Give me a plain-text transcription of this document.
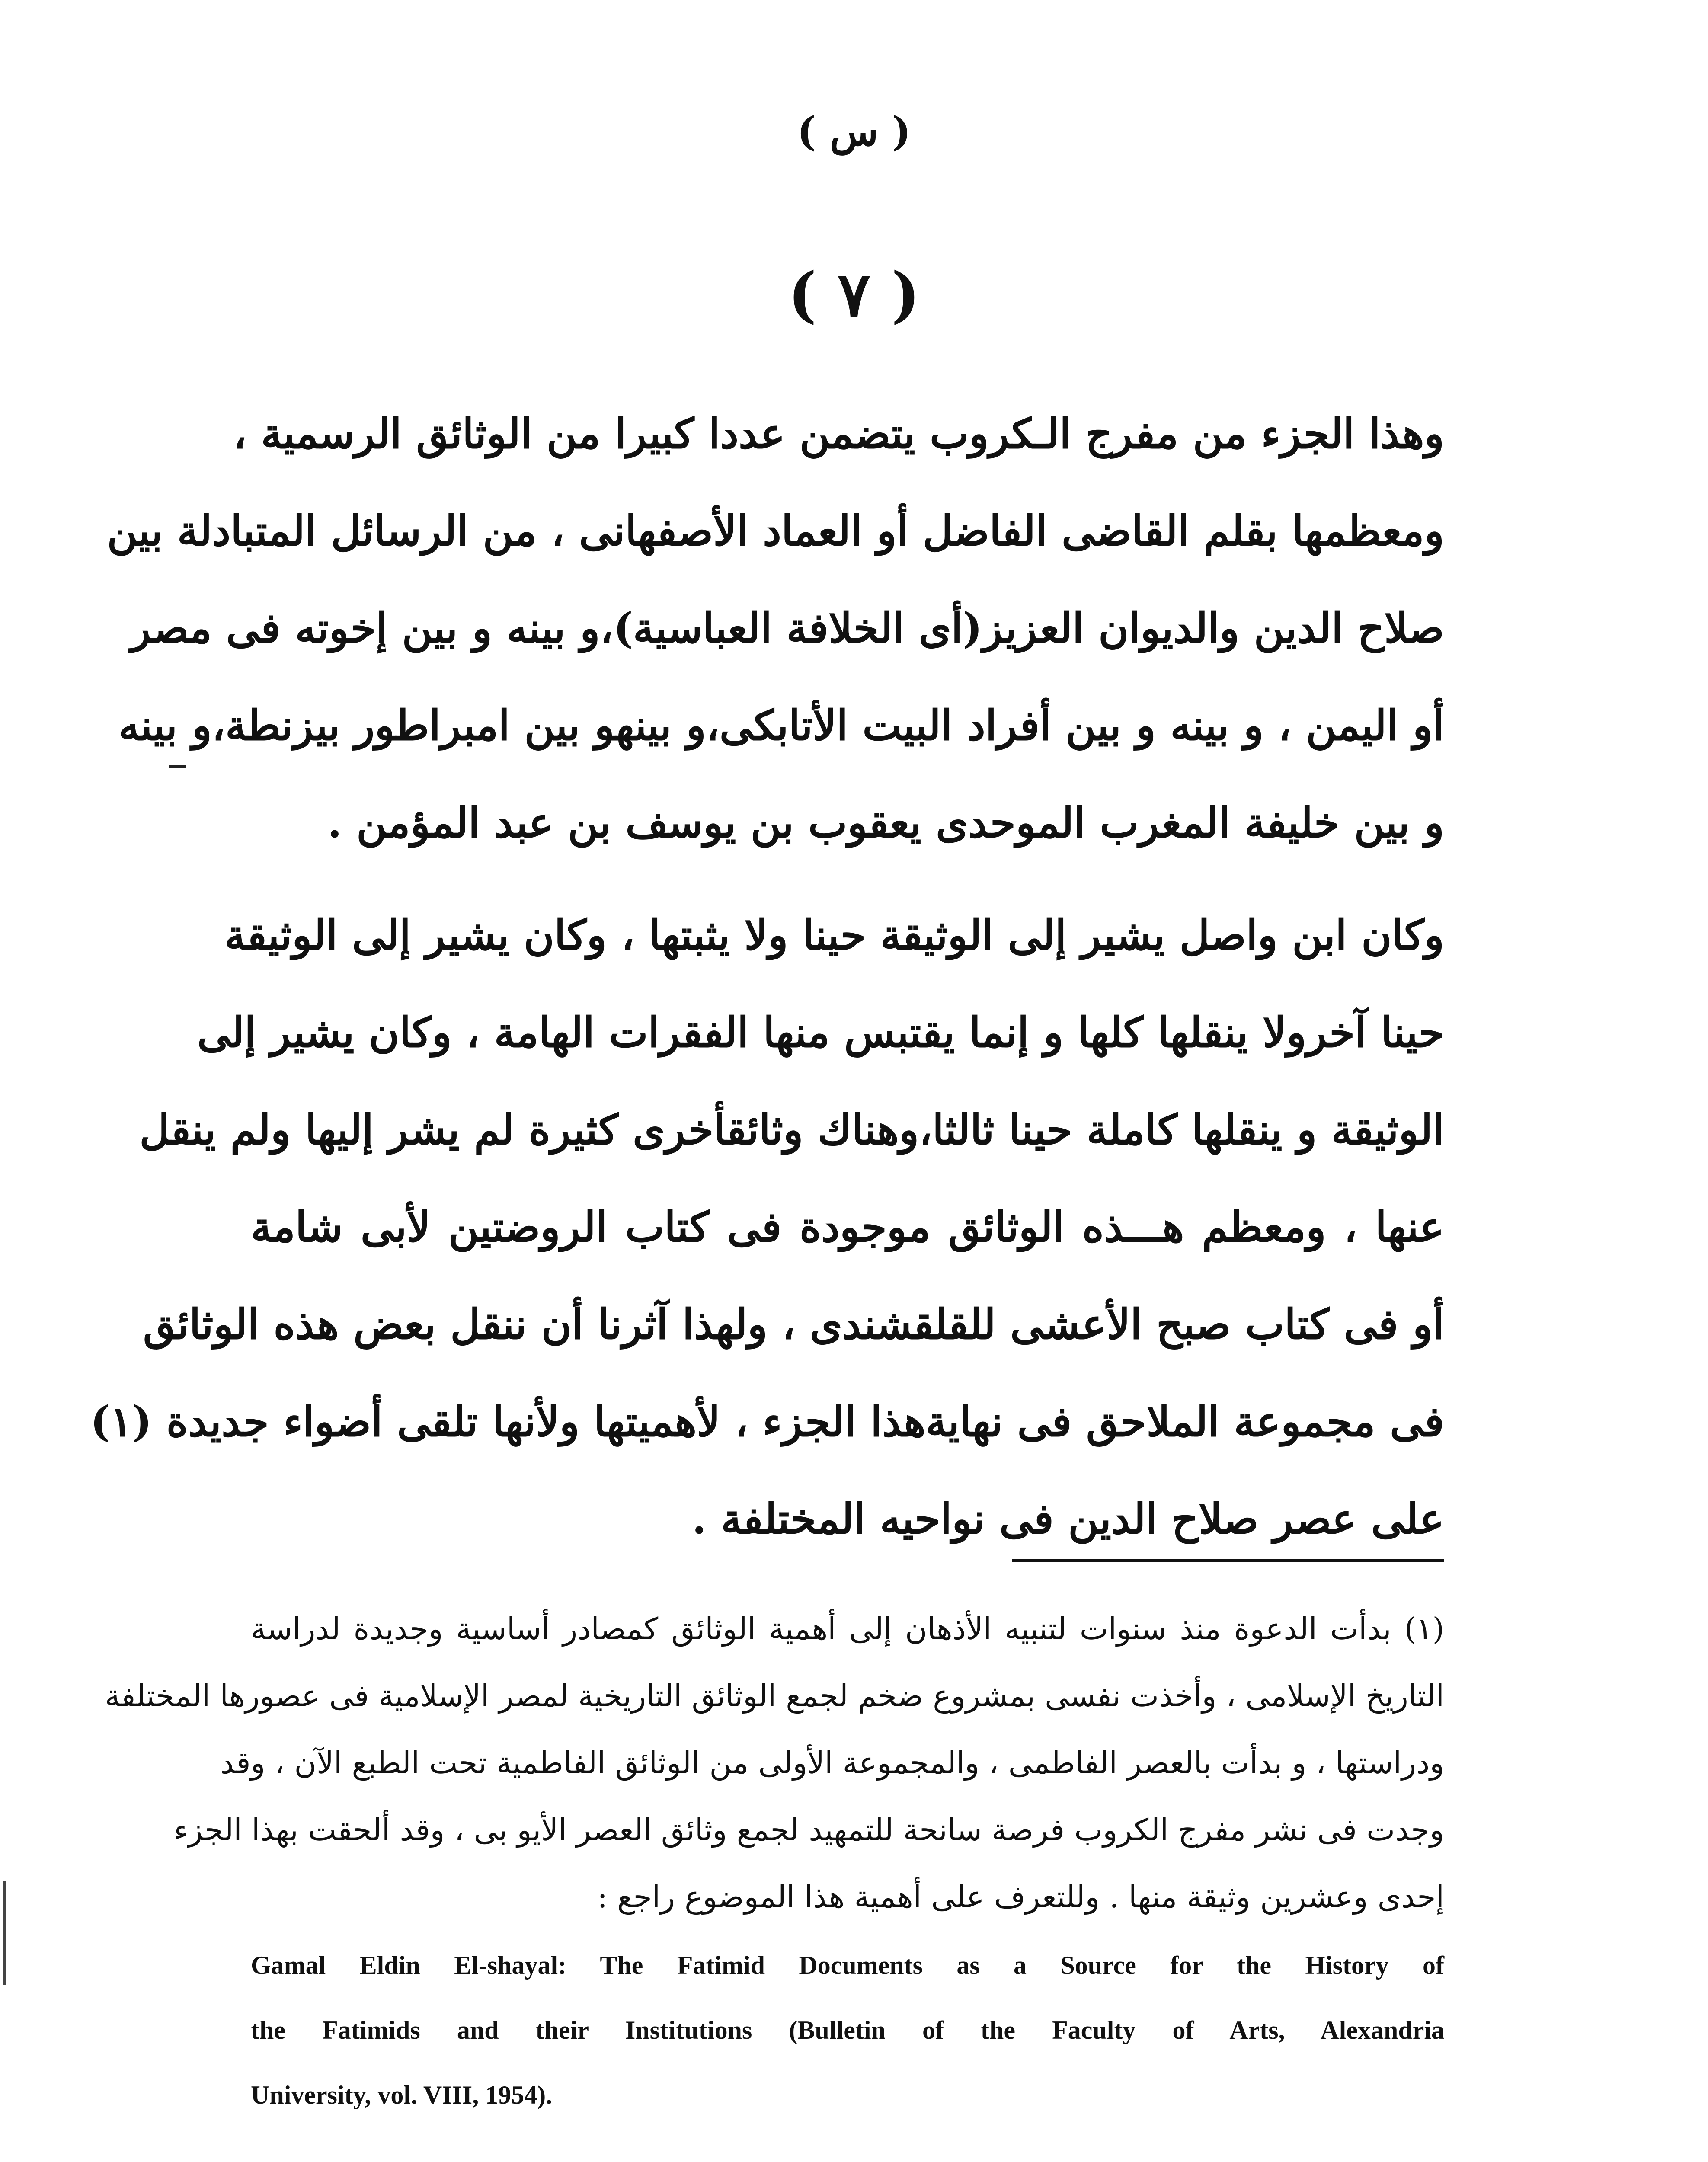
( س )
( ٧ )
وهذا الجزء من مفرج الـكروب يتضمن عددا كبيرا من الوثائق الرسمية ،
ومعظمها بقلم القاضى الفاضل أو العماد الأصفهانى ، من الرسائل المتبادلة بين
صلاح الدين والديوان العزيز(أى الخلافة العباسية)،و بينه و بين إخوته فى مصر
أو اليمن ، و بينه و بين أفراد البيت الأتابكى،و بينهو بين امبراطور بيزنطة،و بينه
و بين خليفة المغرب الموحدى يعقوب بن يوسف بن عبد المؤمن .
وكان ابن واصل يشير إلى الوثيقة حينا ولا يثبتها ، وكان يشير إلى الوثيقة
حينا آخرولا ينقلها كلها و إنما يقتبس منها الفقرات الهامة ، وكان يشير إلى
الوثيقة و ينقلها كاملة حينا ثالثا،وهناك وثائقأخرى كثيرة لم يشر إليها ولم ينقل
عنها ، ومعظم هـــذه الوثائق موجودة فى كتاب الروضتين لأبى شامة
أو فى كتاب صبح الأعشى للقلقشندى ، ولهذا آثرنا أن ننقل بعض هذه الوثائق
فى مجموعة الملاحق فى نهايةهذا الجزء ، لأهميتها ولأنها تلقى أضواء جديدة (١)
على عصر صلاح الدين فى نواحيه المختلفة .
(١) بدأت الدعوة منذ سنوات لتنبيه الأذهان إلى أهمية الوثائق كمصادر أساسية وجديدة لدراسة
التاريخ الإسلامى ، وأخذت نفسى بمشروع ضخم لجمع الوثائق التاريخية لمصر الإسلامية فى عصورها المختلفة
ودراستها ، و بدأت بالعصر الفاطمى ، والمجموعة الأولى من الوثائق الفاطمية تحت الطبع الآن ، وقد
وجدت فى نشر مفرج الكروب فرصة سانحة للتمهيد لجمع وثائق العصر الأيو بى ، وقد ألحقت بهذا الجزء
إحدى وعشرين وثيقة منها . وللتعرف على أهمية هذا الموضوع راجع :
Gamal Eldin El-shayal: The Fatimid Documents as a Source for the History of
the Fatimids and their Institutions (Bulletin of the Faculty of Arts, Alexandria
University, vol. VIII, 1954).
